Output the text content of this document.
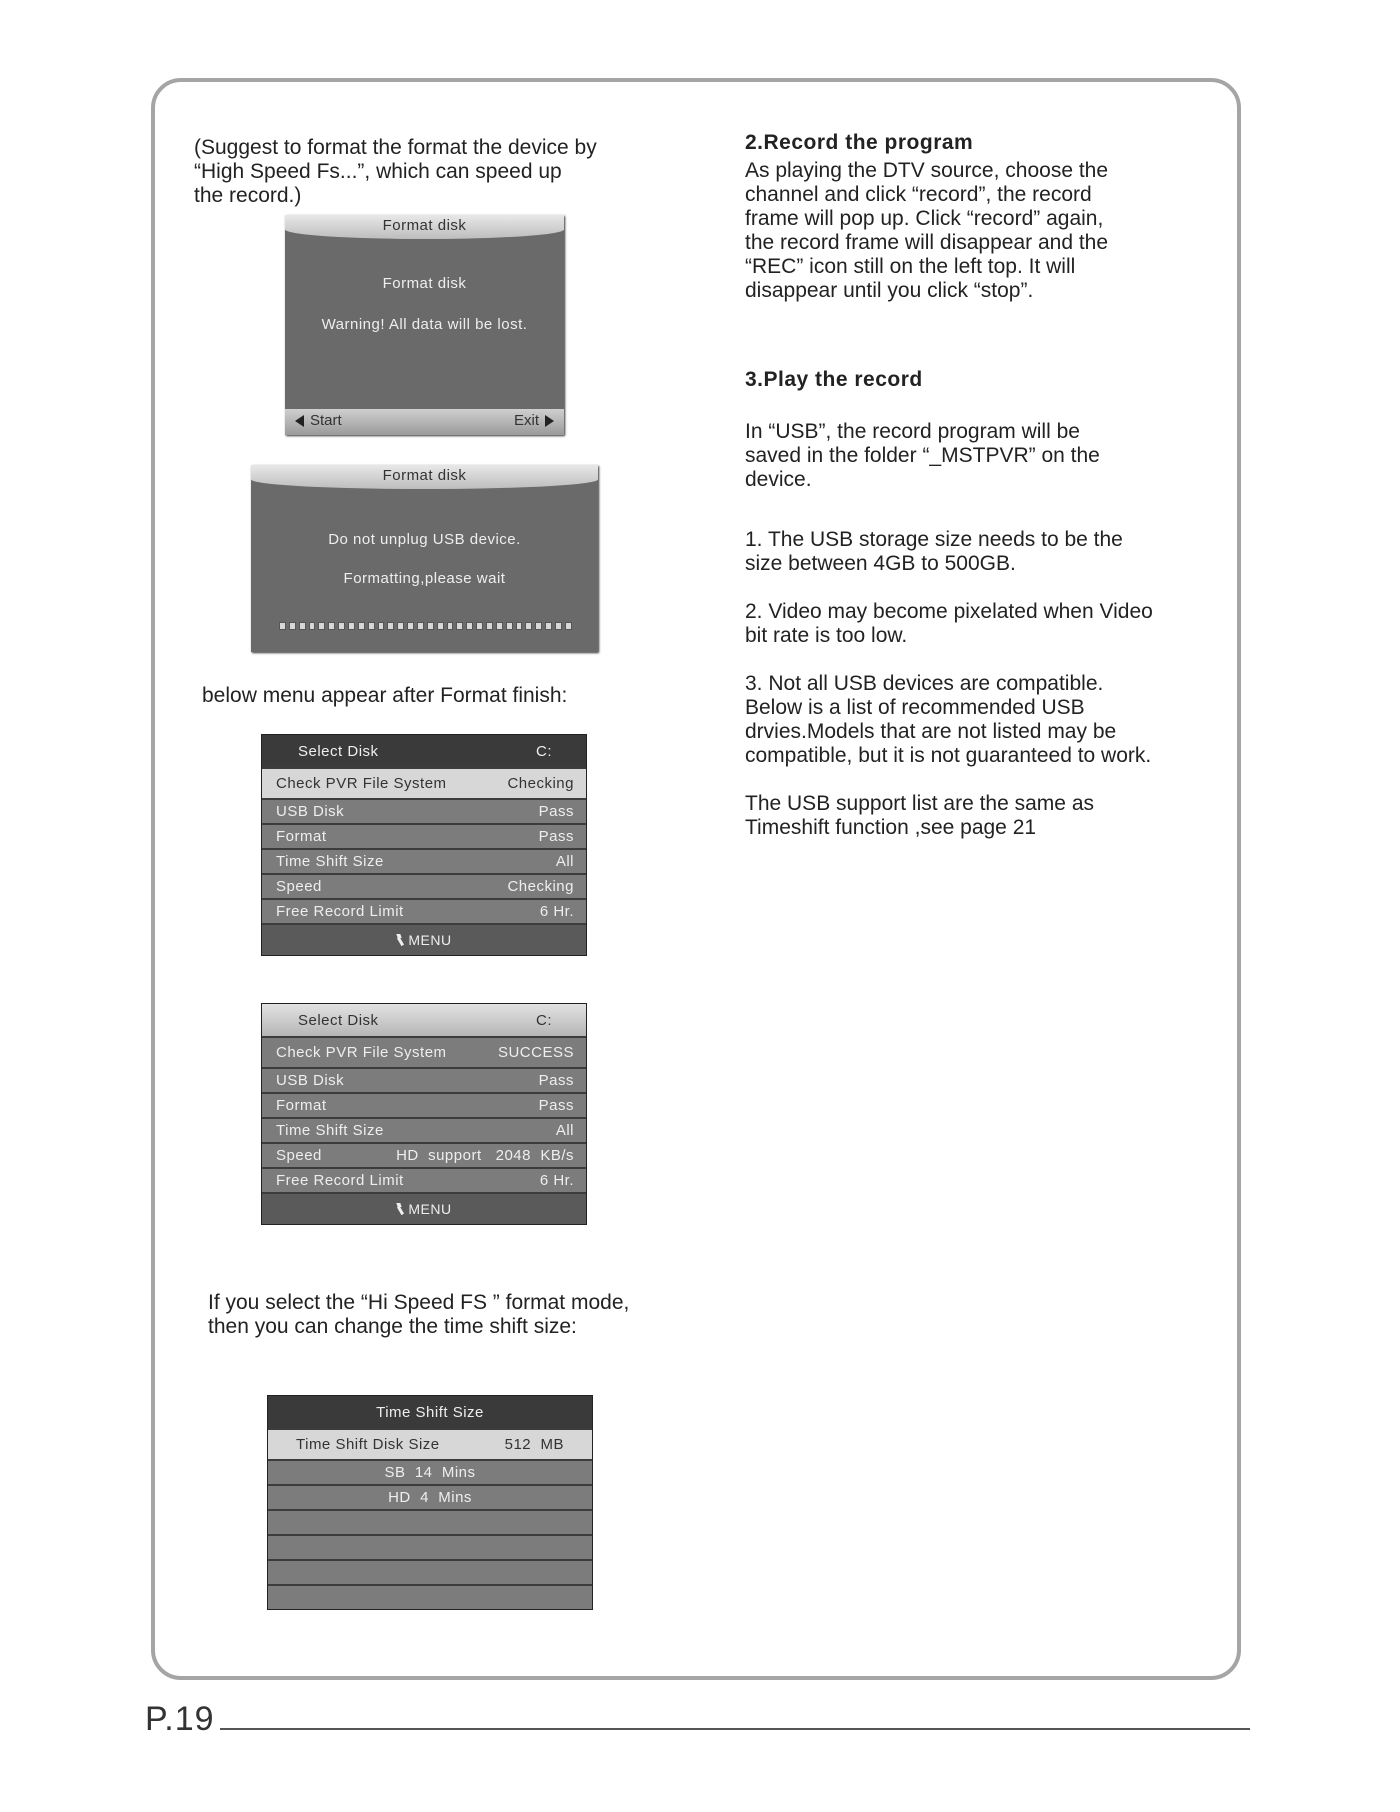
(Suggest to format the format the device by
“High Speed Fs...”, which can speed up
the record.)
Format disk
Format disk
Warning! All data will be lost.
Start	Exit
Format disk
Do not unplug USB device.
Formatting,please wait
below menu appear after Format finish:
Select Disk	C:
Check PVR File System	Checking
USB Disk	Pass
Format	Pass
Time Shift Size	All
Speed	Checking
Free Record Limit	6 Hr.
MENU
Select Disk	C:
Check PVR File System	SUCCESS
USB Disk	Pass
Format	Pass
Time Shift Size	All
Speed	HD  support   2048  KB/s
Free Record Limit	6 Hr.
MENU
If you select the “Hi Speed FS ” format mode,
then you can change the time shift size:
Time Shift Size
Time Shift Disk Size	512  MB
SB  14  Mins
HD  4  Mins
2.Record the program
As playing the DTV source, choose the
channel and click “record”, the record
frame will pop up. Click “record” again,
the record frame will disappear and the
“REC” icon still on the left top. It will
disappear until you click “stop”.
3.Play the record
In “USB”, the record program will be
saved in the folder “_MSTPVR” on the
device.
1. The USB storage size needs to be the
size between 4GB to 500GB.
2. Video may become pixelated when Video
bit rate is too low.
3. Not all USB devices are compatible.
Below is a list of recommended USB
drvies.Models that are not listed may be
compatible, but it is not guaranteed to work.
The USB support list are the same as
Timeshift function ,see page 21
P.19
